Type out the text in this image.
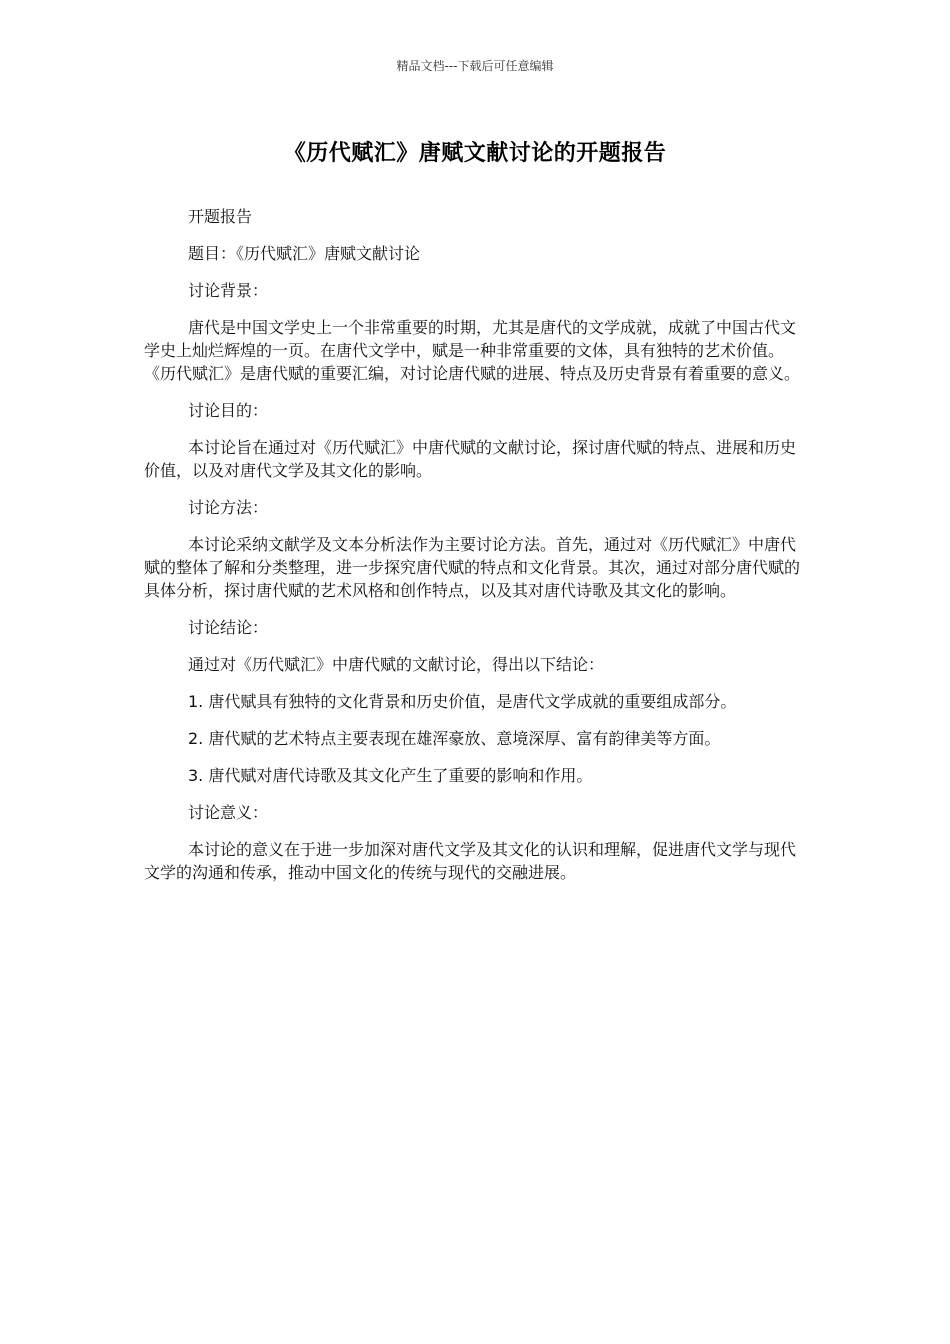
精品文档---下载后可任意编辑
《历代赋汇》唐赋文献讨论的开题报告

开题报告

题目：《历代赋汇》唐赋文献讨论

讨论背景：

唐代是中国文学史上一个非常重要的时期，尤其是唐代的文学成就，成就了中国古代文学史上灿烂辉煌的一页。在唐代文学中，赋是一种非常重要的文体，具有独特的艺术价值。《历代赋汇》是唐代赋的重要汇编，对讨论唐代赋的进展、特点及历史背景有着重要的意义。

讨论目的：

本讨论旨在通过对《历代赋汇》中唐代赋的文献讨论，探讨唐代赋的特点、进展和历史价值，以及对唐代文学及其文化的影响。

讨论方法：

本讨论采纳文献学及文本分析法作为主要讨论方法。首先，通过对《历代赋汇》中唐代赋的整体了解和分类整理，进一步探究唐代赋的特点和文化背景。其次，通过对部分唐代赋的具体分析，探讨唐代赋的艺术风格和创作特点，以及其对唐代诗歌及其文化的影响。

讨论结论：

通过对《历代赋汇》中唐代赋的文献讨论，得出以下结论：

1. 唐代赋具有独特的文化背景和历史价值，是唐代文学成就的重要组成部分。

2. 唐代赋的艺术特点主要表现在雄浑豪放、意境深厚、富有韵律美等方面。

3. 唐代赋对唐代诗歌及其文化产生了重要的影响和作用。

讨论意义：

本讨论的意义在于进一步加深对唐代文学及其文化的认识和理解，促进唐代文学与现代文学的沟通和传承，推动中国文化的传统与现代的交融进展。
